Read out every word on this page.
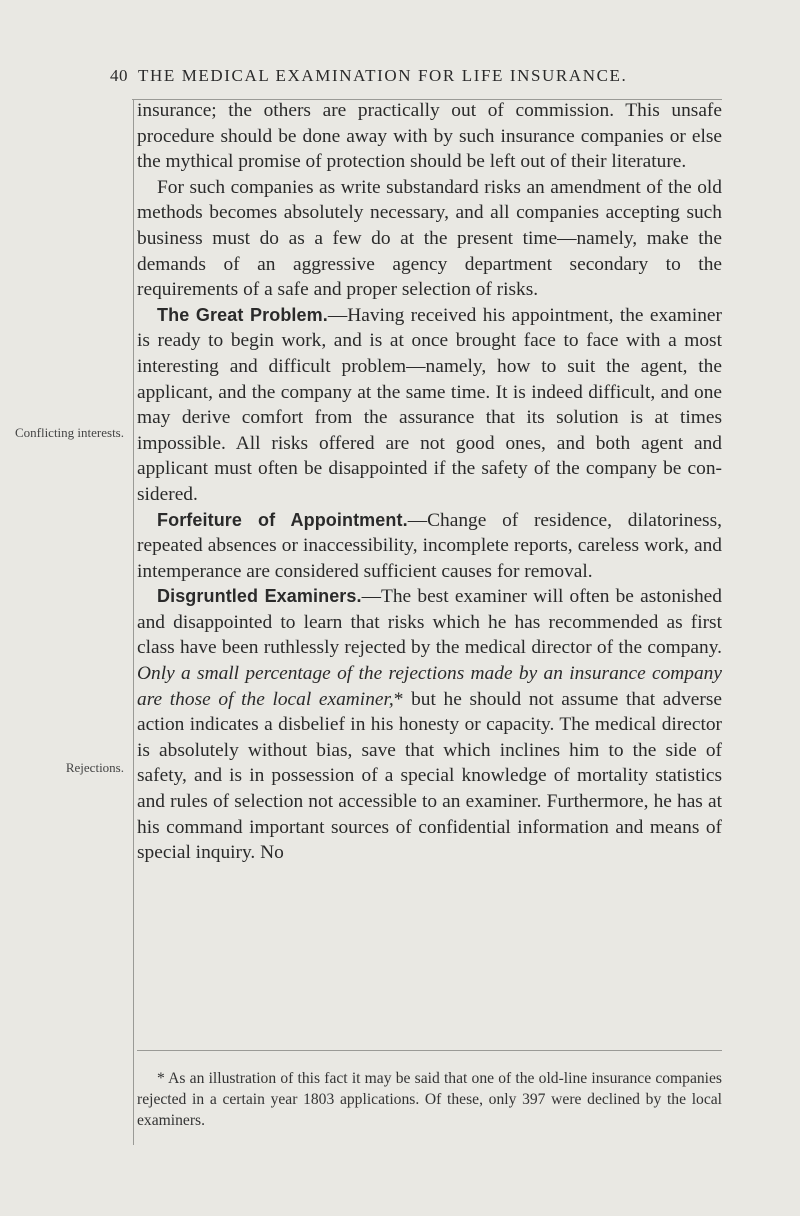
40 THE MEDICAL EXAMINATION FOR LIFE INSURANCE.
Conflicting interests.
Rejections.

insurance; the others are practically out of commission. This unsafe procedure should be done away with by such insurance companies or else the mythical promise of protection should be left out of their literature.

For such companies as write substandard risks an amendment of the old methods becomes absolutely necessary, and all companies accepting such business must do as a few do at the present time—namely, make the demands of an aggressive agency department secondary to the requirements of a safe and proper selection of risks.

The Great Problem.—Having received his appointment, the examiner is ready to begin work, and is at once brought face to face with a most interesting and difficult problem—namely, how to suit the agent, the applicant, and the company at the same time. It is indeed difficult, and one may derive comfort from the assurance that its solution is at times impossible. All risks offered are not good ones, and both agent and applicant must often be disappointed if the safety of the company be considered.

Forfeiture of Appointment.—Change of residence, dilatoriness, repeated absences or inaccessibility, incomplete reports, careless work, and intemperance are considered sufficient causes for removal.

Disgruntled Examiners.—The best examiner will often be astonished and disappointed to learn that risks which he has recommended as first class have been ruthlessly rejected by the medical director of the company. Only a small percentage of the rejections made by an insurance company are those of the local examiner,* but he should not assume that adverse action indicates a disbelief in his honesty or capacity. The medical director is absolutely without bias, save that which inclines him to the side of safety, and is in possession of a special knowledge of mortality statistics and rules of selection not accessible to an examiner. Furthermore, he has at his command important sources of confidential information and means of special inquiry. No

* As an illustration of this fact it may be said that one of the old-line insurance companies rejected in a certain year 1803 applications. Of these, only 397 were declined by the local examiners.
